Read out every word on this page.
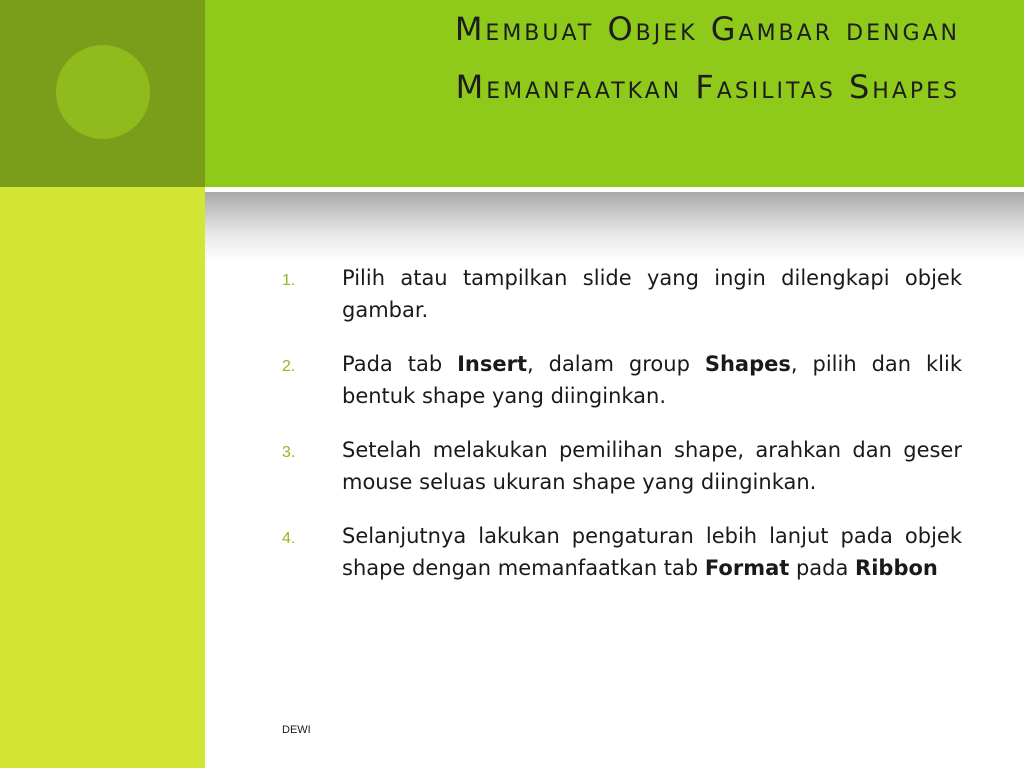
Membuat Objek Gambar dengan Memanfaatkan Fasilitas Shapes
1.	Pilih atau tampilkan slide yang ingin dilengkapi objek gambar.
2.	Pada tab Insert, dalam group Shapes, pilih dan klik bentuk shape yang diinginkan.
3.	Setelah melakukan pemilihan shape, arahkan dan geser mouse seluas ukuran shape yang diinginkan.
4.	Selanjutnya lakukan pengaturan lebih lanjut pada objek shape dengan memanfaatkan tab Format pada Ribbon
DEWI
